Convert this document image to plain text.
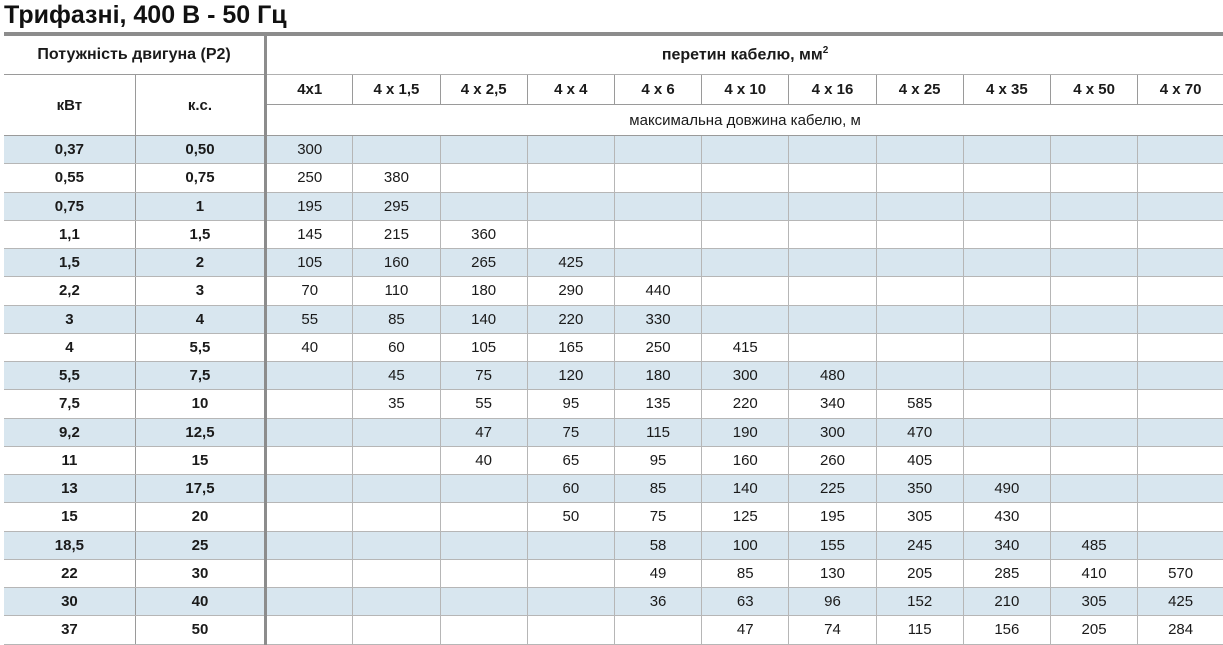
Трифазні, 400 В - 50 Гц
Потужність двигуна (P2)		перетин кабелю, $мм^2$
кВт	к.с.	4x1	4 x 1,5	4 x 2,5	4 x 4	4 x 6	4 x 10	4 x 16	4 x 25	4 x 35	4 x 50	4 x 70
		максимальна довжина кабелю, м										
0,37	0,50	300										
0,55	0,75	250	380									
0,75	1	195	295									
1,1	1,5	145	215	360								
1,5	2	105	160	265	425							
2,2	3	70	110	180	290	440						
3	4	55	85	140	220	330						
4	5,5	40	60	105	165	250	415					
5,5	7,5		45	75	120	180	300	480				
7,5	10		35	55	95	135	220	340	585			
9,2	12,5			47	75	115	190	300	470			
11	15			40	65	95	160	260	405			
13	17,5				60	85	140	225	350	490		
15	20				50	75	125	195	305	430		
18,5	25					58	100	155	245	340	485	
22	30					49	85	130	205	285	410	570
30	40					36	63	96	152	210	305	425
37	50						47	74	115	156	205	284
